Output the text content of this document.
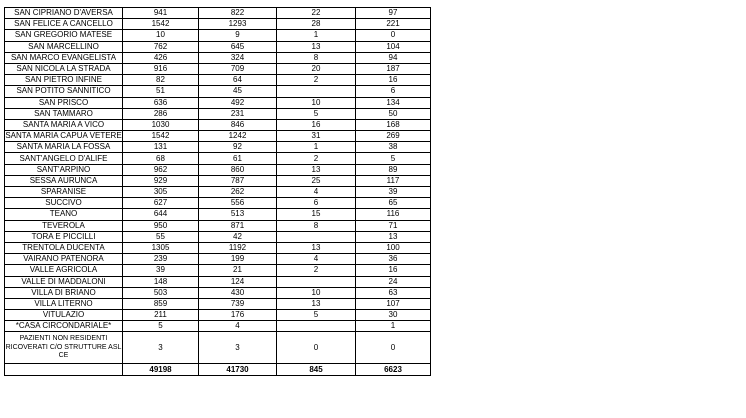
SAN CIPRIANO D'AVERSA	941	822	22	97
SAN FELICE A CANCELLO	1542	1293	28	221
SAN GREGORIO MATESE	10	9	1	0
SAN MARCELLINO	762	645	13	104
SAN MARCO EVANGELISTA	426	324	8	94
SAN NICOLA LA STRADA	916	709	20	187
SAN PIETRO INFINE	82	64	2	16
SAN POTITO SANNITICO	51	45		6
SAN PRISCO	636	492	10	134
SAN TAMMARO	286	231	5	50
SANTA MARIA A VICO	1030	846	16	168
SANTA MARIA CAPUA VETERE	1542	1242	31	269
SANTA MARIA LA FOSSA	131	92	1	38
SANT'ANGELO D'ALIFE	68	61	2	5
SANT'ARPINO	962	860	13	89
SESSA AURUNCA	929	787	25	117
SPARANISE	305	262	4	39
SUCCIVO	627	556	6	65
TEANO	644	513	15	116
TEVEROLA	950	871	8	71
TORA E PICCILLI	55	42		13
TRENTOLA DUCENTA	1305	1192	13	100
VAIRANO PATENORA	239	199	4	36
VALLE AGRICOLA	39	21	2	16
VALLE DI MADDALONI	148	124		24
VILLA DI BRIANO	503	430	10	63
VILLA LITERNO	859	739	13	107
VITULAZIO	211	176	5	30
*CASA CIRCONDARIALE*	5	4		1
PAZIENTI NON RESIDENTI RICOVERATI C/O STRUTTURE ASL CE	3	3	0	0
	49198	41730	845	6623
